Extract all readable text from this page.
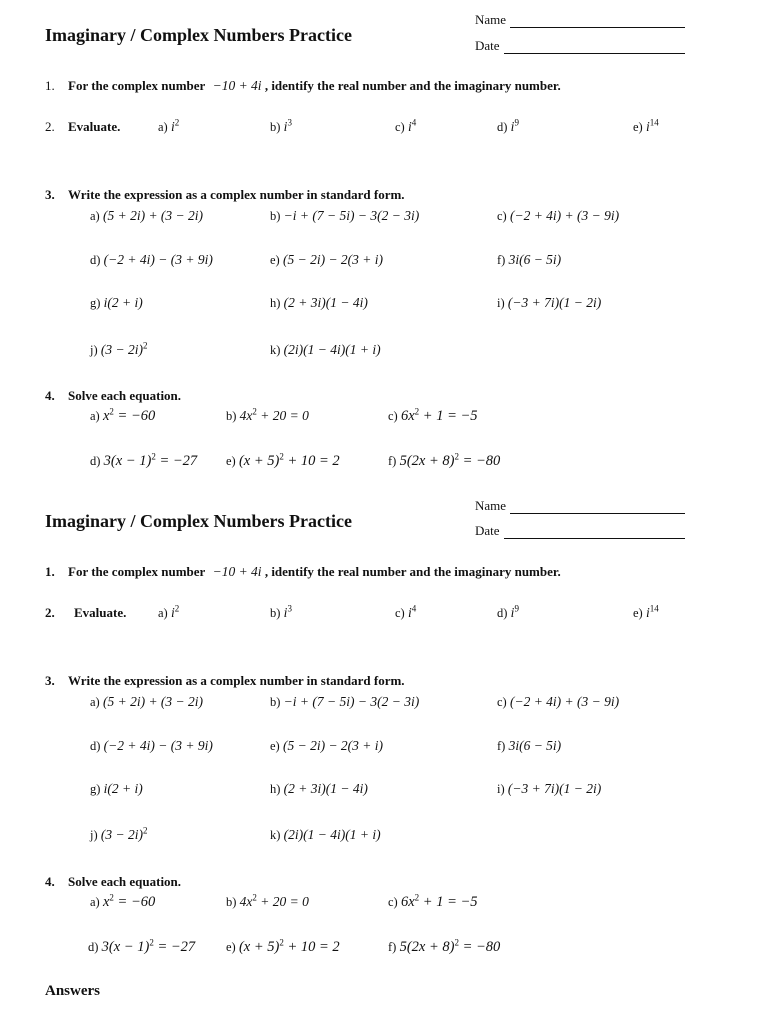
Imaginary / Complex Numbers Practice
Name
Date
1. For the complex number −10 + 4i , identify the real number and the imaginary number.
2. Evaluate.	a) $i^2$	b) $i^3$	c) $i^4$	d) $i^9$	e) $i^{14}$
3. Write the expression as a complex number in standard form.
a) (5 + 2i) + (3 − 2i)	b) −i + (7 − 5i) − 3(2 − 3i)	c) (−2 + 4i) + (3 − 9i)
d) (−2 + 4i) − (3 + 9i)	e) (5 − 2i) − 2(3 + i)	f) 3i(6 − 5i)
g) i(2 + i)	h) (2 + 3i)(1 − 4i)	i) (−3 + 7i)(1 − 2i)
j) $(3 - 2i)^2$	k) (2i)(1 − 4i)(1 + i)
4. Solve each equation.
a) $x^2 = -60$	b) $4x^2 + 20 = 0$	c) $6x^2 + 1 = -5$
d) $3(x - 1)^2 = -27$ e) $(x + 5)^2 + 10 = 2$	f) $5(2x + 8)^2 = -80$
Imaginary / Complex Numbers Practice
Name
Date
1. For the complex number −10 + 4i , identify the real number and the imaginary number.
2. Evaluate.	a) $i^2$	b) $i^3$	c) $i^4$	d) $i^9$	e) $i^{14}$
3. Write the expression as a complex number in standard form.
a) (5 + 2i) + (3 − 2i)	b) −i + (7 − 5i) − 3(2 − 3i)	c) (−2 + 4i) + (3 − 9i)
d) (−2 + 4i) − (3 + 9i)	e) (5 − 2i) − 2(3 + i)	f) 3i(6 − 5i)
g) i(2 + i)	h) (2 + 3i)(1 − 4i)	i) (−3 + 7i)(1 − 2i)
j) $(3 - 2i)^2$	k) (2i)(1 − 4i)(1 + i)
4. Solve each equation.
a) $x^2 = -60$	b) $4x^2 + 20 = 0$	c) $6x^2 + 1 = -5$
d) $3(x - 1)^2 = -27$ e) $(x + 5)^2 + 10 = 2$	f) $5(2x + 8)^2 = -80$
Answers
